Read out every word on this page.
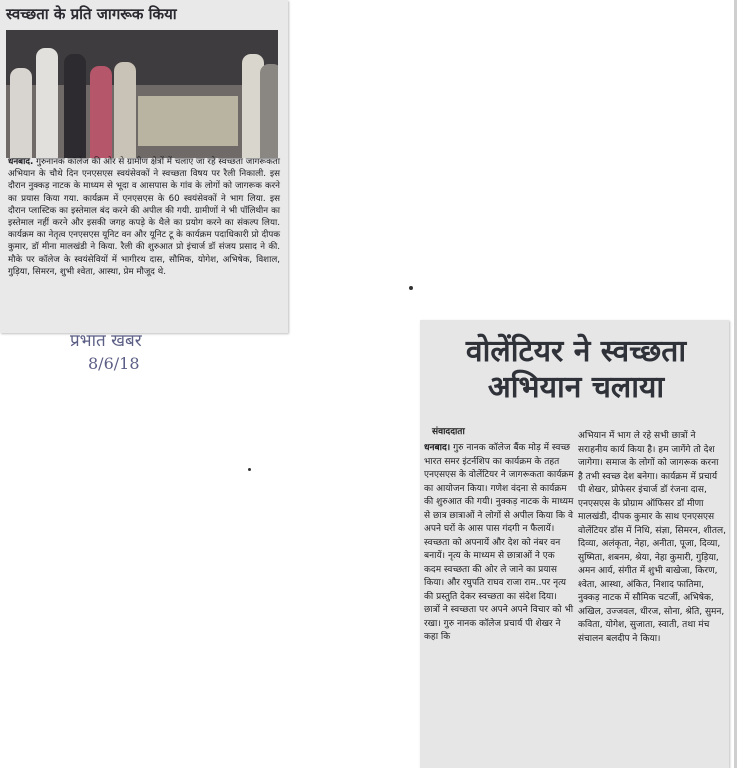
स्वच्छता के प्रति जागरूक किया
धनबाद. गुरुनानक कॉलेज की ओर से ग्रामीण क्षेत्रों में चलाए जा रहे स्वच्छता जागरूकता अभियान के चौथे दिन एनएसएस स्वयंसेवकों ने स्वच्छता विषय पर रैली निकाली. इस दौरान नुक्कड़ नाटक के माध्यम से भूदा व आसपास के गांव के लोगों को जागरूक करने का प्रयास किया गया. कार्यक्रम में एनएसएस के 60 स्वयंसेवकों ने भाग लिया. इस दौरान प्लास्टिक का इस्तेमाल बंद करने की अपील की गयी. ग्रामीणों ने भी पॉलिथीन का इस्तेमाल नहीं करने और इसकी जगह कपड़े के थैले का प्रयोग करने का संकल्प लिया. कार्यक्रम का नेतृत्व एनएसएस यूनिट वन और यूनिट टू के कार्यक्रम पदाधिकारी प्रो दीपक कुमार, डॉ मीना मालखंडी ने किया. रैली की शुरुआत प्रो इंचार्ज डॉ संजय प्रसाद ने की. मौके पर कॉलेज के स्वयंसेवियों में भागीरथ दास, सौमिक, योगेश, अभिषेक, विशाल, गुड़िया, सिमरन, शुभी श्वेता, आस्था, प्रेम मौजूद थे.
प्रभात खबर
8/6/18	वोलेंटियर ने स्वच्छता अभियान चलाया
संवाददाता
धनबाद। गुरु नानक कॉलेज बैंक मोड़ में स्वच्छ भारत समर इंटर्नशिप का कार्यक्रम के तहत एनएसएस के वोलेंटियर ने जागरूकता कार्यक्रम का आयोजन किया। गणेश वंदना से कार्यक्रम की शुरुआत की गयी। नुक्कड़ नाटक के माध्यम से छात्र छात्राओं ने लोगों से अपील किया कि वे अपने घरों के आस पास गंदगी न फैलायें। स्वच्छता को अपनायें और देश को नंबर वन बनायें। नृत्य के माध्यम से छात्राओं ने एक कदम स्वच्छता की ओर ले जाने का प्रयास किया। और रघुपति राघव राजा राम..पर नृत्य की प्रस्तुति देकर स्वच्छता का संदेश दिया। छात्रों ने स्वच्छता पर अपने अपने विचार को भी रखा। गुरु नानक कॉलेज प्रचार्य पी शेखर ने कहा कि
अभियान में भाग ले रहे सभी छात्रों ने सराहनीय कार्य किया है। हम जागेंगे तो देश जागेगा। समाज के लोगों को जागरूक करना है तभी स्वच्छ देश बनेगा। कार्यक्रम में प्रचार्य पी शेखर, प्रोफेसर इंचार्ज डॉ रंजना दास, एनएसएस के प्रोग्राम ऑफिसर डॉ मीणा मालखंडी, दीपक कुमार के साथ एनएसएस वोलेंटियर डॉस में निधि, संज्ञा, सिमरन, शीतल, दिव्या, अलंकृता, नेहा, अनीता, पूजा, दिव्या, सुष्मिता, शबनम, श्रेया, नेहा कुमारी, गुड़िया, अमन आर्य, संगीत में शुभी बाखेजा, किरण, श्वेता, आस्था, अंकित, निशाद फातिमा, नुक्कड़ नाटक में सौमिक चटर्जी, अभिषेक, अखिल, उज्जवल, धीरज, सोना, श्रेति, सुमन, कविता, योगेश, सुजाता, स्वाती, तथा मंच संचालन बलदीप ने किया।
